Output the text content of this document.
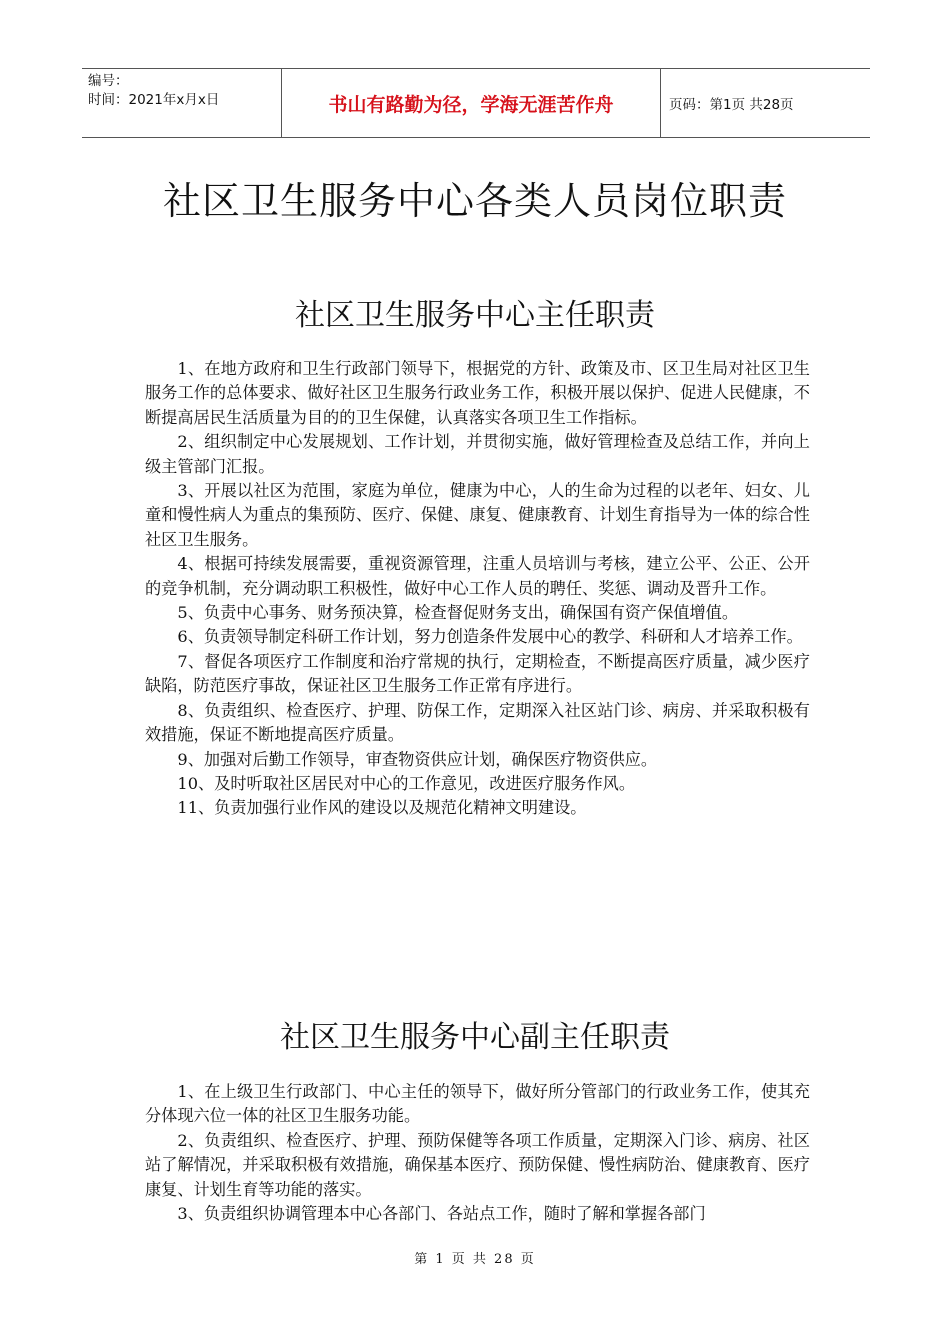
编号：
时间：2021年x月x日	书山有路勤为径，学海无涯苦作舟	页码：第1页 共28页
社区卫生服务中心各类人员岗位职责
社区卫生服务中心主任职责

1、在地方政府和卫生行政部门领导下，根据党的方针、政策及市、区卫生局对社区卫生服务工作的总体要求、做好社区卫生服务行政业务工作，积极开展以保护、促进人民健康，不断提高居民生活质量为目的的卫生保健，认真落实各项卫生工作指标。

2、组织制定中心发展规划、工作计划，并贯彻实施，做好管理检查及总结工作，并向上级主管部门汇报。

3、开展以社区为范围，家庭为单位，健康为中心，人的生命为过程的以老年、妇女、儿童和慢性病人为重点的集预防、医疗、保健、康复、健康教育、计划生育指导为一体的综合性社区卫生服务。

4、根据可持续发展需要，重视资源管理，注重人员培训与考核，建立公平、公正、公开的竞争机制，充分调动职工积极性，做好中心工作人员的聘任、奖惩、调动及晋升工作。

5、负责中心事务、财务预决算，检查督促财务支出，确保国有资产保值增值。

6、负责领导制定科研工作计划，努力创造条件发展中心的教学、科研和人才培养工作。

7、督促各项医疗工作制度和治疗常规的执行，定期检查，不断提高医疗质量，减少医疗缺陷，防范医疗事故，保证社区卫生服务工作正常有序进行。

8、负责组织、检查医疗、护理、防保工作，定期深入社区站门诊、病房、并采取积极有效措施，保证不断地提高医疗质量。

9、加强对后勤工作领导，审查物资供应计划，确保医疗物资供应。

10、及时听取社区居民对中心的工作意见，改进医疗服务作风。

11、负责加强行业作风的建设以及规范化精神文明建设。

社区卫生服务中心副主任职责

1、在上级卫生行政部门、中心主任的领导下，做好所分管部门的行政业务工作，使其充分体现六位一体的社区卫生服务功能。

2、负责组织、检查医疗、护理、预防保健等各项工作质量，定期深入门诊、病房、社区站了解情况，并采取积极有效措施，确保基本医疗、预防保健、慢性病防治、健康教育、医疗康复、计划生育等功能的落实。

3、负责组织协调管理本中心各部门、各站点工作，随时了解和掌握各部门

第 1 页 共 28 页
